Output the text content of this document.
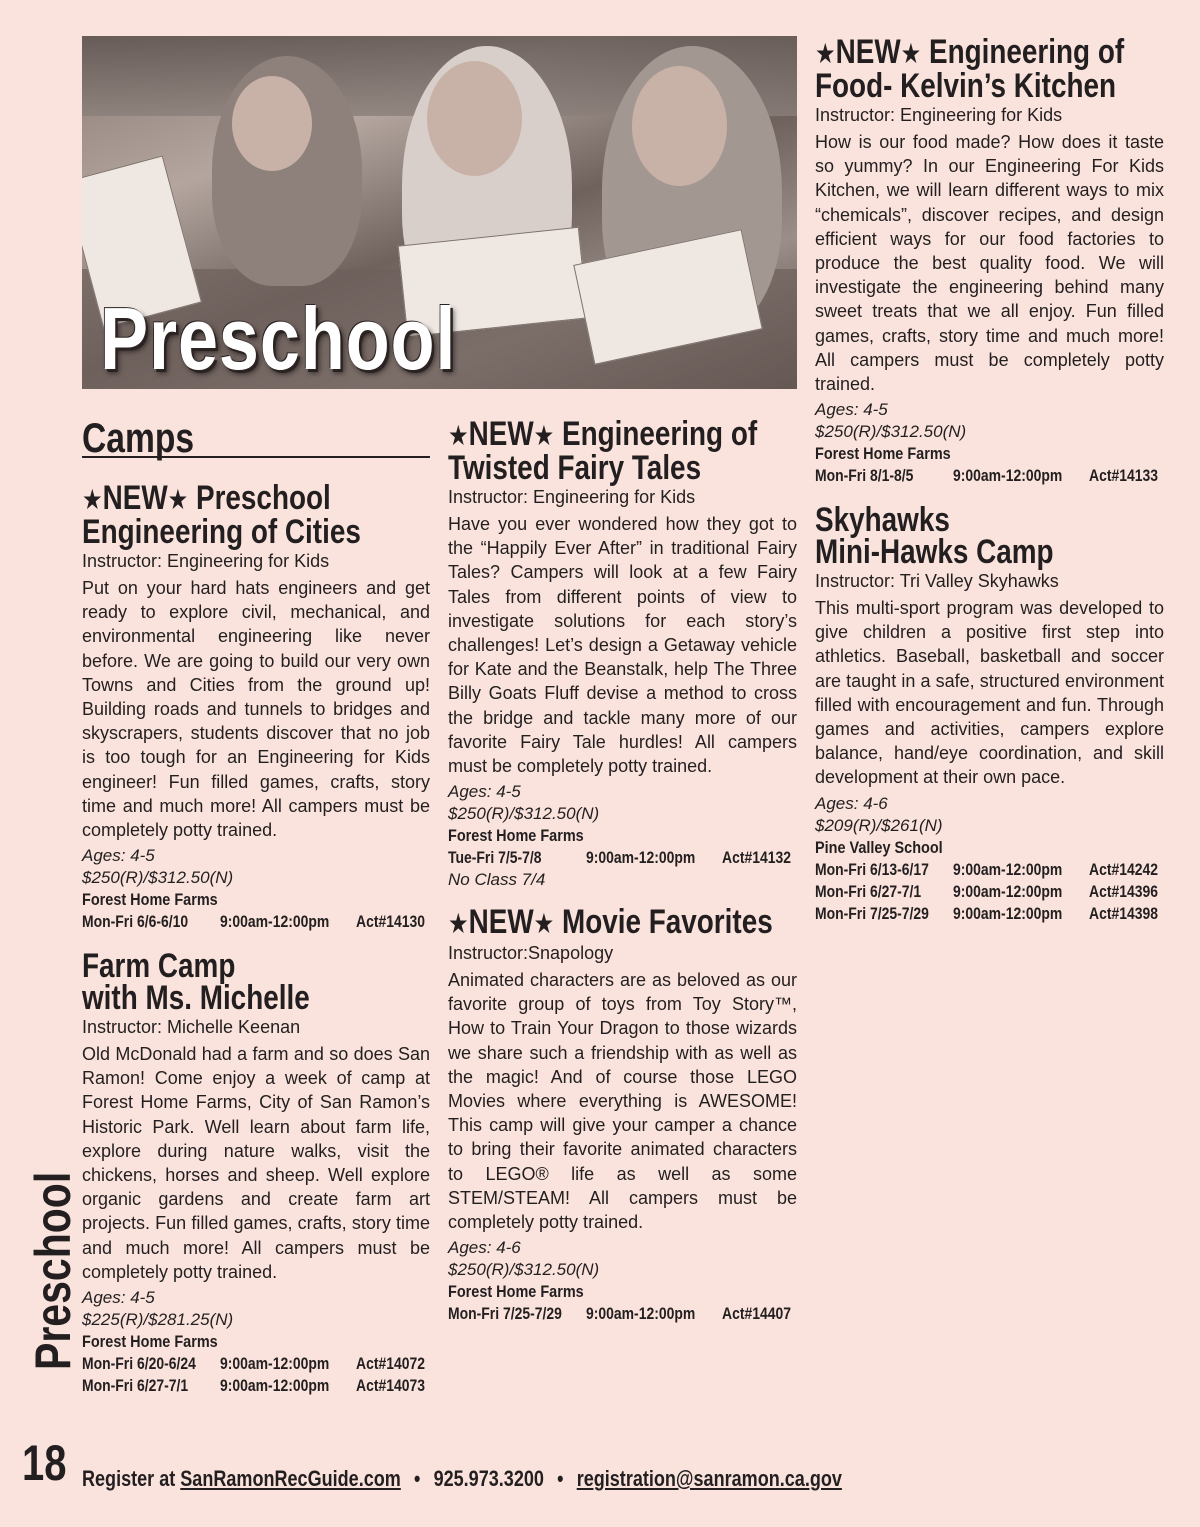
Preschool
Camps
★NEW★ Preschool
Engineering of Cities

Instructor: Engineering for Kids

Put on your hard hats engineers and get ready to explore civil, mechanical, and environmental engineering like never before. We are going to build our very own Towns and Cities from the ground up! Building roads and tunnels to bridges and skyscrapers, students discover that no job is too tough for an Engineering for Kids engineer! Fun filled games, crafts, story time and much more! All campers must be completely potty trained.

Ages: 4-5

$250(R)/$312.50(N)

Forest Home Farms

Mon-Fri 6/6-6/10 9:00am-12:00pm Act#14130
Farm Camp
with Ms. Michelle

Instructor: Michelle Keenan

Old McDonald had a farm and so does San Ramon! Come enjoy a week of camp at Forest Home Farms, City of San Ramon’s Historic Park. Well learn about farm life, explore during nature walks, visit the chickens, horses and sheep. Well explore organic gardens and create farm art projects. Fun filled games, crafts, story time and much more! All campers must be completely potty trained.

Ages: 4-5

$225(R)/$281.25(N)

Forest Home Farms

Mon-Fri 6/20-6/24 9:00am-12:00pm Act#14072
Mon-Fri 6/27-7/1 9:00am-12:00pm Act#14073
★NEW★ Engineering of
Twisted Fairy Tales

Instructor: Engineering for Kids

Have you ever wondered how they got to the “Happily Ever After” in traditional Fairy Tales? Campers will look at a few Fairy Tales from different points of view to investigate solutions for each story’s challenges! Let’s design a Getaway vehicle for Kate and the Beanstalk, help The Three Billy Goats Fluff devise a method to cross the bridge and tackle many more of our favorite Fairy Tale hurdles! All campers must be completely potty trained.

Ages: 4-5

$250(R)/$312.50(N)

Forest Home Farms

Tue-Fri 7/5-7/8	9:00am-12:00pm Act#14132

No Class 7/4

★NEW★ Movie Favorites

Instructor:Snapology

Animated characters are as beloved as our favorite group of toys from Toy Story™, How to Train Your Dragon to those wizards we share such a friendship with as well as the magic! And of course those LEGO Movies where everything is AWESOME! This camp will give your camper a chance to bring their favorite animated characters to LEGO® life as well as some STEM/STEAM! All campers must be completely potty trained.

Ages: 4-6

$250(R)/$312.50(N)

Forest Home Farms

Mon-Fri 7/25-7/29 9:00am-12:00pm Act#14407
★NEW★ Engineering of
Food- Kelvin’s Kitchen

Instructor: Engineering for Kids

How is our food made? How does it taste so yummy? In our Engineering For Kids Kitchen, we will learn different ways to mix “chemicals”, discover recipes, and design efficient ways for our food factories to produce the best quality food. We will investigate the engineering behind many sweet treats that we all enjoy. Fun filled games, crafts, story time and much more! All campers must be completely potty trained.

Ages: 4-5

$250(R)/$312.50(N)

Forest Home Farms

Mon-Fri 8/1-8/5 9:00am-12:00pm Act#14133
Skyhawks
Mini-Hawks Camp

Instructor: Tri Valley Skyhawks

This multi-sport program was developed to give children a positive first step into athletics. Baseball, basketball and soccer are taught in a safe, structured environment filled with encouragement and fun. Through games and activities, campers explore balance, hand/eye coordination, and skill development at their own pace.

Ages: 4-6

$209(R)/$261(N)

Pine Valley School

Mon-Fri 6/13-6/17 9:00am-12:00pm Act#14242
Mon-Fri 6/27-7/1 9:00am-12:00pm Act#14396
Mon-Fri 7/25-7/29 9:00am-12:00pm Act#14398
Preschool
18 Register at SanRamonRecGuide.com • 925.973.3200 • registration@sanramon.ca.gov
